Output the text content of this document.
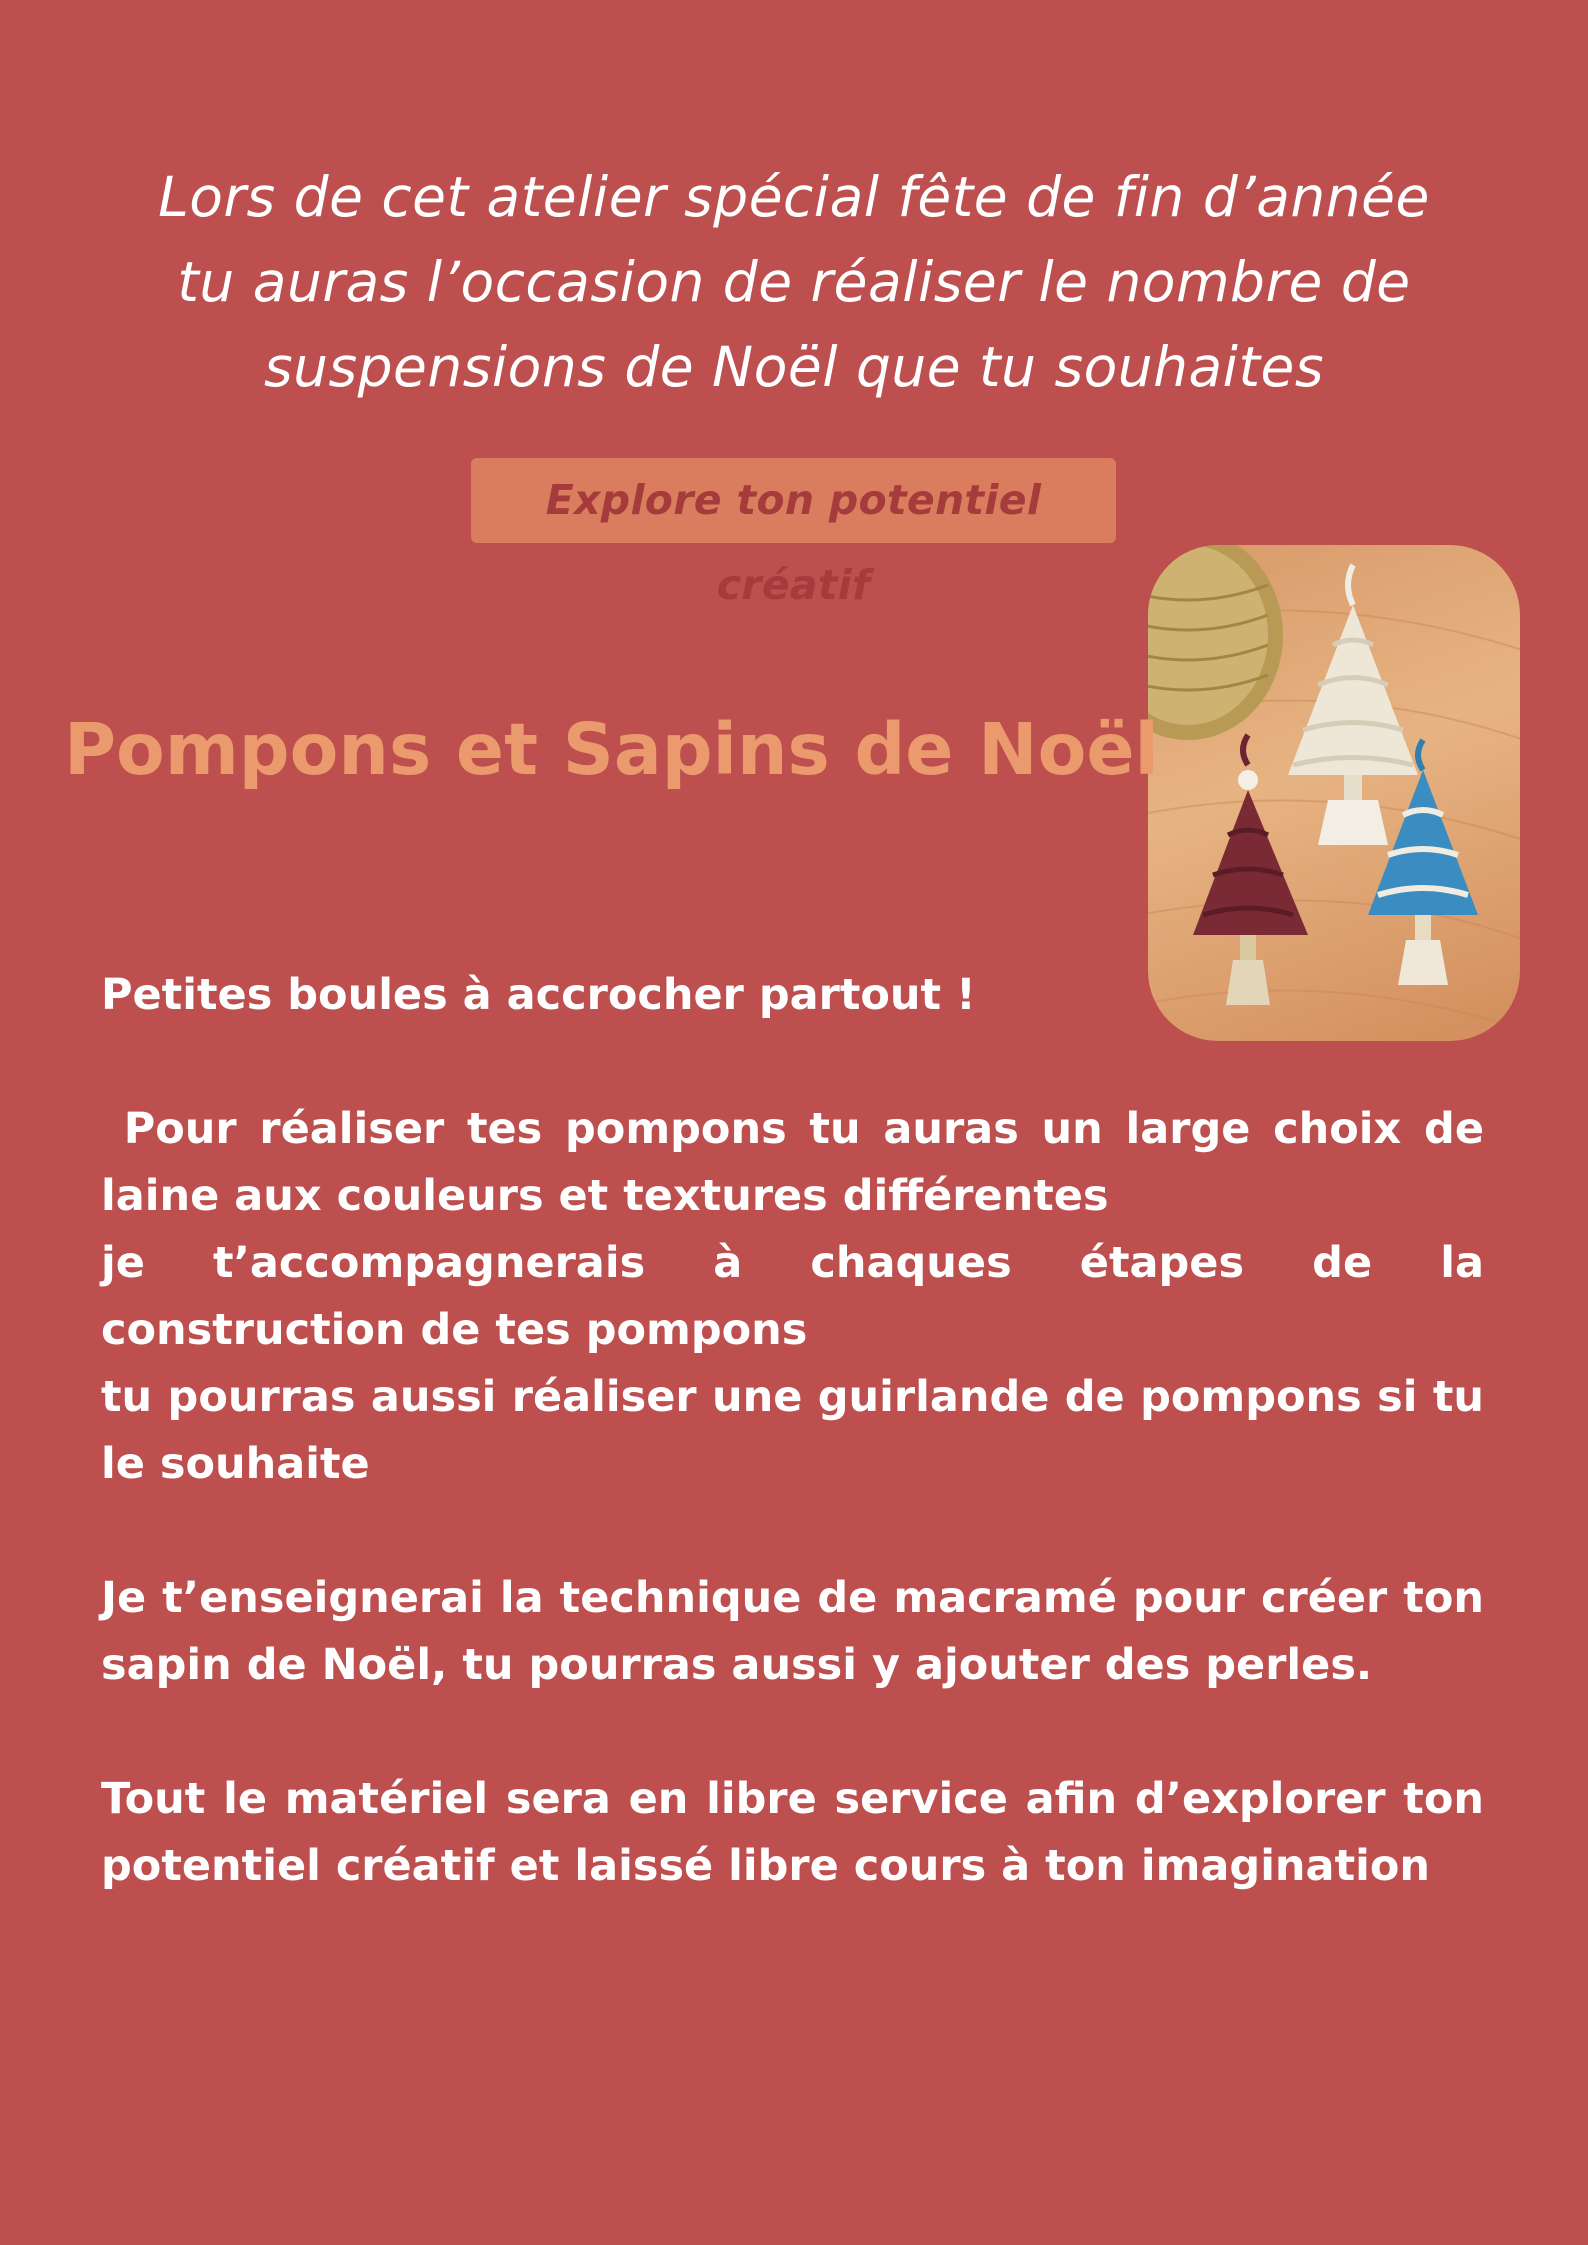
Lors de cet atelier spécial fête de fin d’année
tu auras l’occasion de réaliser le nombre de
suspensions de Noël que tu souhaites
Explore ton potentiel créatif
Pompons et Sapins de Noël

Petites boules à accrocher partout !

Pour réaliser tes pompons tu auras un large choix de laine aux couleurs et textures différentes

je t’accompagnerais à chaques étapes de la construction de tes pompons

tu pourras aussi réaliser une guirlande de pompons si tu le souhaite

Je t’enseignerai la technique de macramé pour créer ton sapin de Noël, tu pourras aussi y ajouter des perles.

Tout le matériel sera en libre service afin d’explorer ton potentiel créatif et laissé libre cours à ton imagination
